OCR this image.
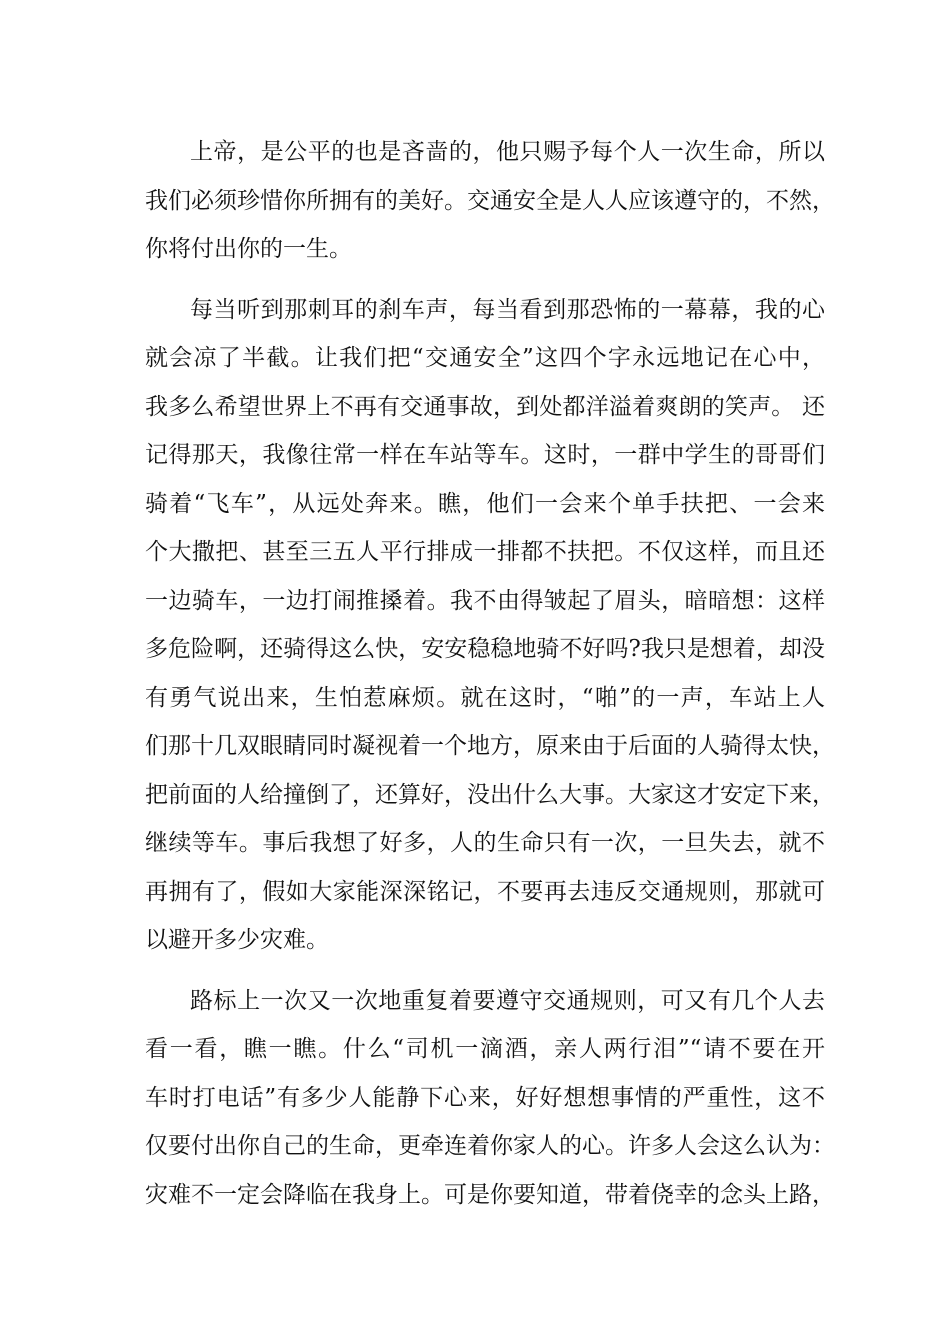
上帝，是公平的也是吝啬的，他只赐予每个人一次生命，所以
我们必须珍惜你所拥有的美好。交通安全是人人应该遵守的，不然，
你将付出你的一生。
每当听到那刺耳的刹车声，每当看到那恐怖的一幕幕，我的心
就会凉了半截。让我们把“交通安全”这四个字永远地记在心中，
我多么希望世界上不再有交通事故，到处都洋溢着爽朗的笑声。 还
记得那天，我像往常一样在车站等车。这时，一群中学生的哥哥们
骑着“飞车”，从远处奔来。瞧，他们一会来个单手扶把、一会来
个大撒把、甚至三五人平行排成一排都不扶把。不仅这样，而且还
一边骑车，一边打闹推搡着。我不由得皱起了眉头，暗暗想：这样
多危险啊，还骑得这么快，安安稳稳地骑不好吗?我只是想着，却没
有勇气说出来，生怕惹麻烦。就在这时，“啪”的一声，车站上人
们那十几双眼睛同时凝视着一个地方，原来由于后面的人骑得太快，
把前面的人给撞倒了，还算好，没出什么大事。大家这才安定下来，
继续等车。事后我想了好多，人的生命只有一次，一旦失去，就不
再拥有了，假如大家能深深铭记，不要再去违反交通规则，那就可
以避开多少灾难。
路标上一次又一次地重复着要遵守交通规则，可又有几个人去
看一看，瞧一瞧。什么“司机一滴酒，亲人两行泪”“请不要在开
车时打电话”有多少人能静下心来，好好想想事情的严重性，这不
仅要付出你自己的生命，更牵连着你家人的心。许多人会这么认为：
灾难不一定会降临在我身上。可是你要知道，带着侥幸的念头上路，
